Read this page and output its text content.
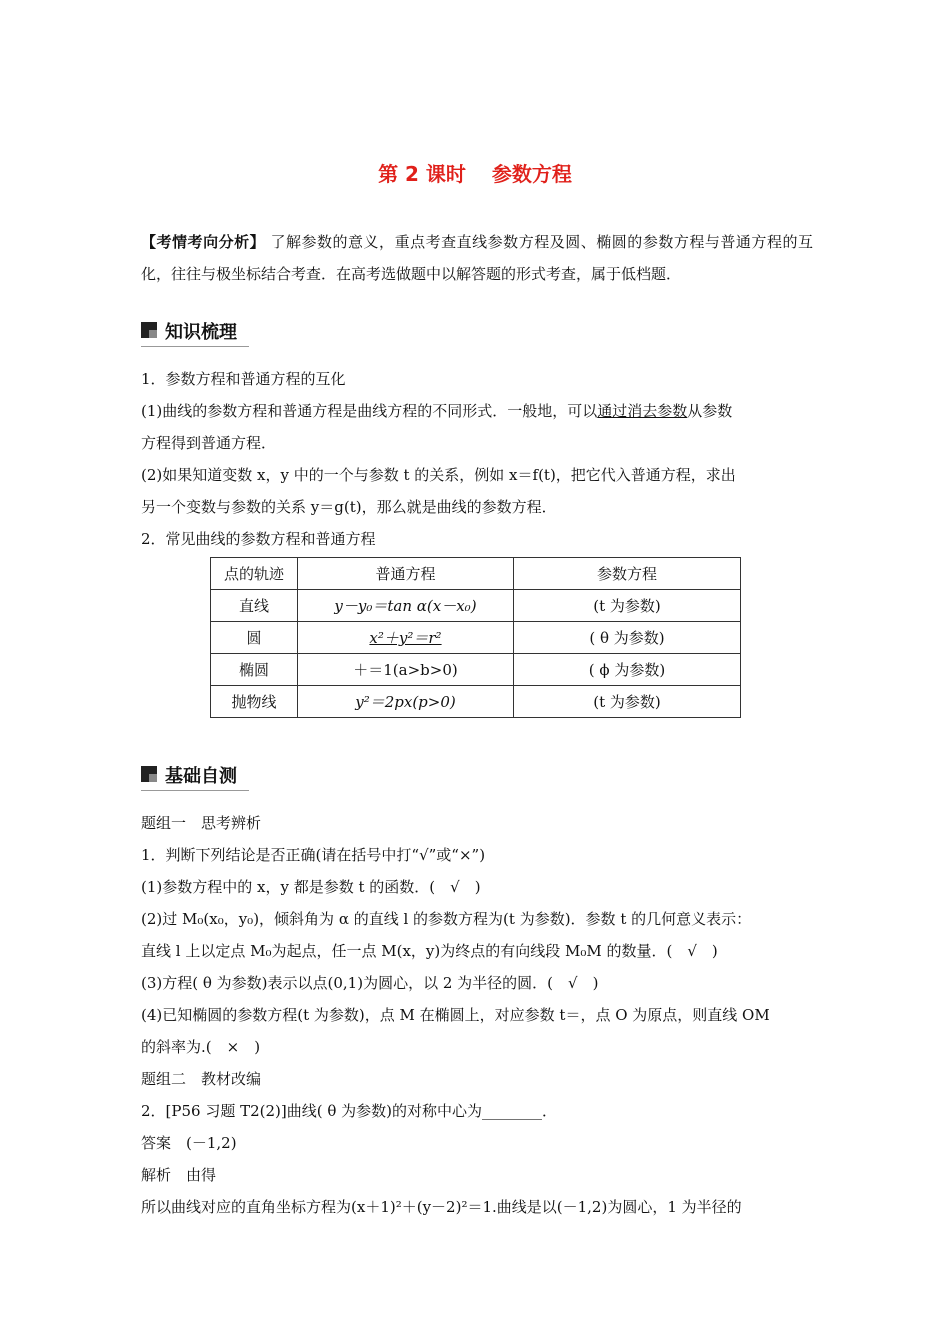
第 2 课时 参数方程
【考情考向分析】 了解参数的意义，重点考查直线参数方程及圆、椭圆的参数方程与普通方程的互化，往往与极坐标结合考查．在高考选做题中以解答题的形式考查，属于低档题．
知识梳理
1．参数方程和普通方程的互化
(1)曲线的参数方程和普通方程是曲线方程的不同形式．一般地，可以通过消去参数从参数
方程得到普通方程．
(2)如果知道变数 x，y 中的一个与参数 t 的关系，例如 x＝f(t)，把它代入普通方程，求出
另一个变数与参数的关系 y＝g(t)，那么就是曲线的参数方程．
2．常见曲线的参数方程和普通方程
点的轨迹	普通方程	参数方程
直线	y－y₀＝tan α(x－x₀)	(t 为参数)
圆	x²＋y²＝r²	( θ 为参数)
椭圆	＋＝1(a>b>0)	( ϕ 为参数)
抛物线	y²＝2px(p>0)	(t 为参数)
基础自测
题组一　思考辨析
1．判断下列结论是否正确(请在括号中打“√”或“×”)
(1)参数方程中的 x，y 都是参数 t 的函数．(　√　)
(2)过 M₀(x₀，y₀)，倾斜角为 α 的直线 l 的参数方程为(t 为参数)．参数 t 的几何意义表示：
直线 l 上以定点 M₀为起点，任一点 M(x，y)为终点的有向线段 M₀M 的数量．(　√　)
(3)方程( θ 为参数)表示以点(0,1)为圆心，以 2 为半径的圆．(　√　)
(4)已知椭圆的参数方程(t 为参数)，点 M 在椭圆上，对应参数 t＝，点 O 为原点，则直线 OM
的斜率为.(　×　)
题组二　教材改编
2．[P56 习题 T2(2)]曲线( θ 为参数)的对称中心为________．
答案　(－1,2)
解析　由得
所以曲线对应的直角坐标方程为(x＋1)²＋(y－2)²＝1.曲线是以(－1,2)为圆心，1 为半径的
